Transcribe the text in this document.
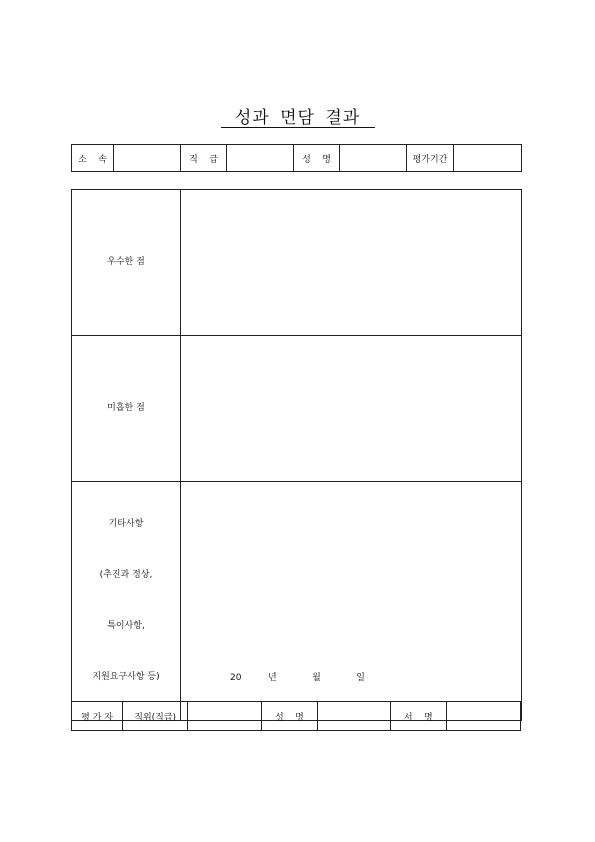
성과 면담 결과
소    속		직    급		성    명		평가기간	
우수한 점	
미흡한 점	

기타사항

(추진과 정상,

특이사항,

지원요구사항 등)	

		20   년    월    일
평 가 자	직위(직급)		성    명		서    명	
